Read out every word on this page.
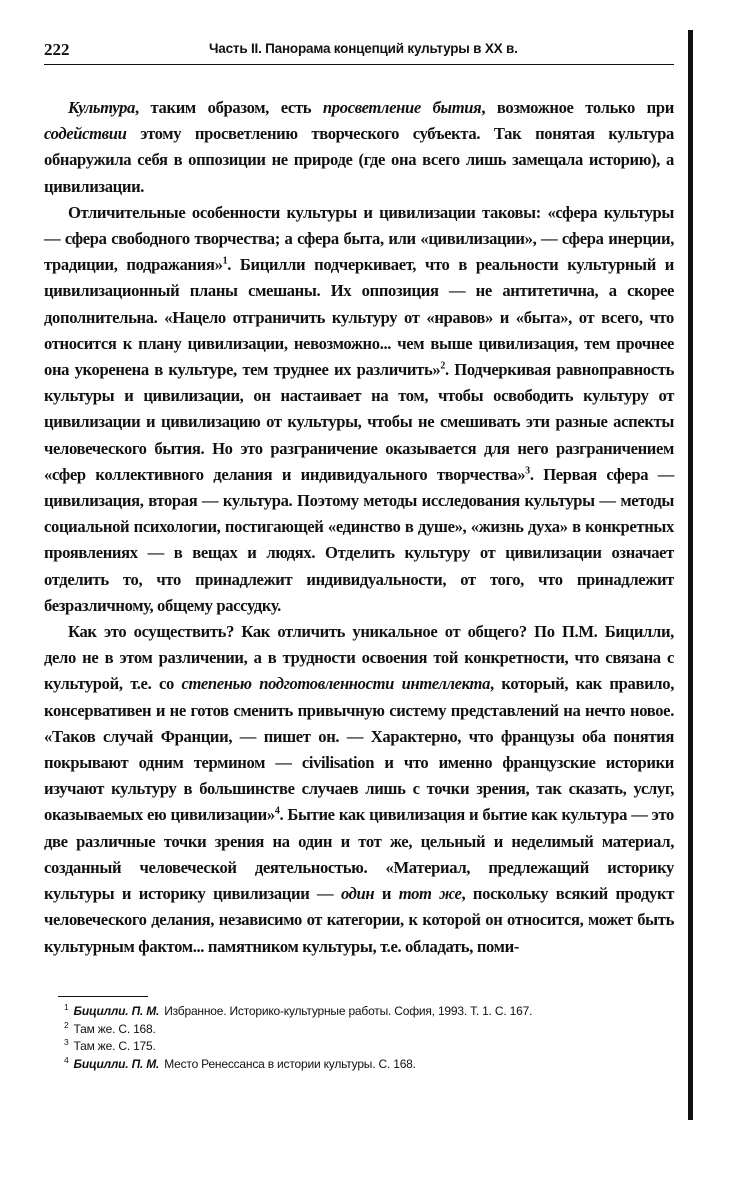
222	Часть II. Панорама концепций культуры в XX в.

Культура, таким образом, есть просветление бытия, возможное только при содействии этому просветлению творческого субъекта. Так понятая культура обнаружила себя в оппозиции не природе (где она всего лишь замещала историю), а цивилизации.

Отличительные особенности культуры и цивилизации таковы: «сфера культуры — сфера свободного творчества; а сфера быта, или «цивилизации», — сфера инерции, традиции, подражания»$^1$. Бицилли подчеркивает, что в реальности культурный и цивилизационный планы смешаны. Их оппозиция — не антитетична, а скорее дополнительна. «Нацело отграничить культуру от «нравов» и «быта», от всего, что относится к плану цивилизации, невозможно... чем выше цивилизация, тем прочнее она укоренена в культуре, тем труднее их различить»$^2$. Подчеркивая равноправность культуры и цивилизации, он настаивает на том, чтобы освободить культуру от цивилизации и цивилизацию от культуры, чтобы не смешивать эти разные аспекты человеческого бытия. Но это разграничение оказывается для него разграничением «сфер коллективного делания и индивидуального творчества»$^3$. Первая сфера — цивилизация, вторая — культура. Поэтому методы исследования культуры — методы социальной психологии, постигающей «единство в душе», «жизнь духа» в конкретных проявлениях — в вещах и людях. Отделить культуру от цивилизации означает отделить то, что принадлежит индивидуальности, от того, что принадлежит безразличному, общему рассудку.

Как это осуществить? Как отличить уникальное от общего? По П.М. Бицилли, дело не в этом различении, а в трудности освоения той конкретности, что связана с культурой, т.е. со степенью подготовленности интеллекта, который, как правило, консервативен и не готов сменить привычную систему представлений на нечто новое. «Таков случай Франции, — пишет он. — Характерно, что французы оба понятия покрывают одним термином — civilisation и что именно французские историки изучают культуру в большинстве случаев лишь с точки зрения, так сказать, услуг, оказываемых ею цивилизации»$^4$. Бытие как цивилизация и бытие как культура — это две различные точки зрения на один и тот же, цельный и неделимый материал, созданный человеческой деятельностью. «Материал, предлежащий историку культуры и историку цивилизации — один и тот же, поскольку всякий продукт человеческого делания, независимо от категории, к которой он относится, может быть культурным фактом... памятником культуры, т.е. обладать, поми-

$^1$ Бицилли. П. М. Избранное. Историко-культурные работы. София, 1993. Т. 1. С. 167.
$^2$ Там же. С. 168.
$^3$ Там же. С. 175.
$^4$ Бицилли. П. М. Место Ренессанса в истории культуры. С. 168.
